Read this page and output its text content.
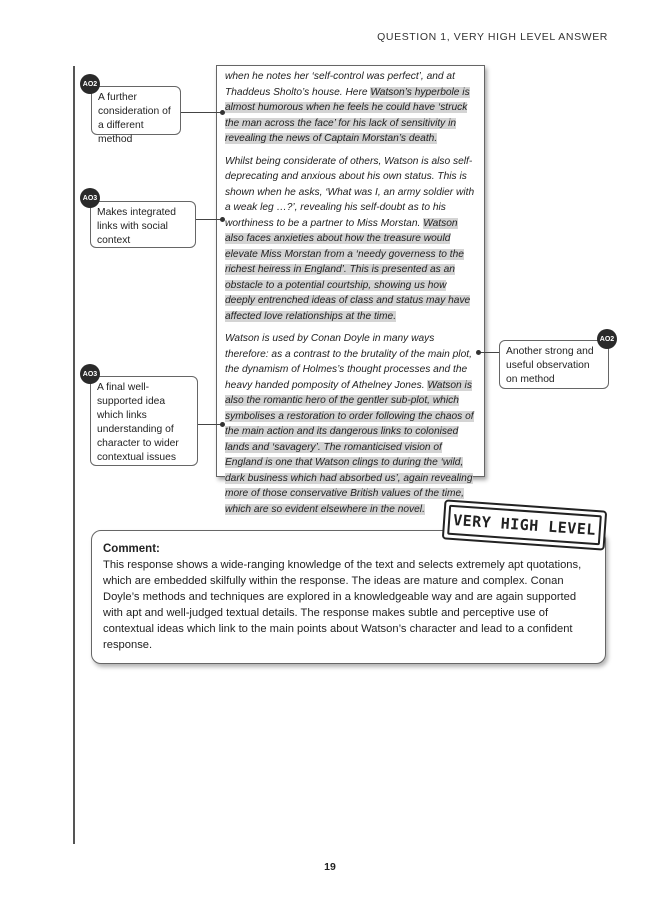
QUESTION 1, VERY HIGH LEVEL ANSWER

when he notes her ‘self-control was perfect’, and at Thaddeus Sholto’s house. Here Watson’s hyperbole is almost humorous when he feels he could have ‘struck the man across the face’ for his lack of sensitivity in revealing the news of Captain Morstan’s death.

Whilst being considerate of others, Watson is also self-deprecating and anxious about his own status. This is shown when he asks, ‘What was I, an army soldier with a weak leg …?’, revealing his self-doubt as to his worthiness to be a partner to Miss Morstan. Watson also faces anxieties about how the treasure would elevate Miss Morstan from a ‘needy governess to the richest heiress in England’. This is presented as an obstacle to a potential courtship, showing us how deeply entrenched ideas of class and status may have affected love relationships at the time.

Watson is used by Conan Doyle in many ways therefore: as a contrast to the brutality of the main plot, the dynamism of Holmes’s thought processes and the heavy handed pomposity of Athelney Jones. Watson is also the romantic hero of the gentler sub-plot, which symbolises a restoration to order following the chaos of the main action and its dangerous links to colonised lands and ‘savagery’. The romanticised vision of England is one that Watson clings to during the ‘wild, dark business which had absorbed us’, again revealing more of those conservative British values of the time, which are so evident elsewhere in the novel.

A further consideration of a different method
AO2
Makes integrated links with social context
AO3
A final well-supported idea which links understanding of character to wider contextual issues
AO3
Another strong and useful observation on method
AO2
Comment:
This response shows a wide-ranging knowledge of the text and selects extremely apt quotations, which are embedded skilfully within the response. The ideas are mature and complex. Conan Doyle’s methods and techniques are explored in a knowledgeable way and are again supported with apt and well-judged textual details. The response makes subtle and perceptive use of contextual ideas which link to the main points about Watson’s character and lead to a confident response.
VERY HIGH LEVEL
19
